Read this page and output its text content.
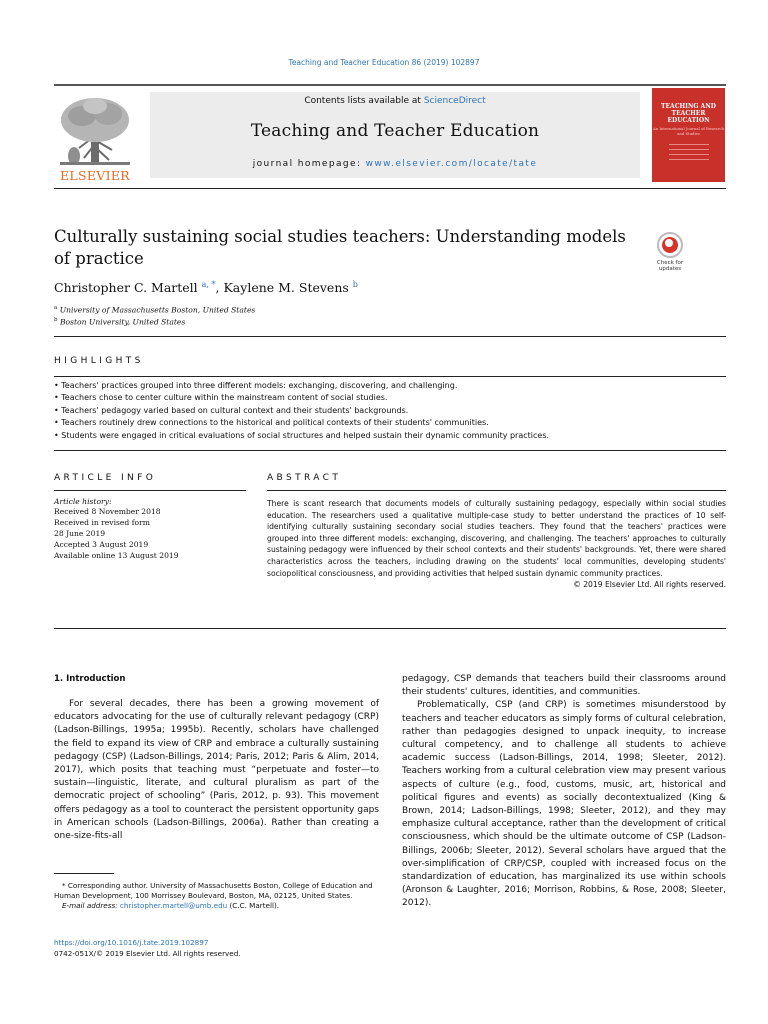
Teaching and Teacher Education 86 (2019) 102897
ELSEVIER
Contents lists available at ScienceDirect
Teaching and Teacher Education
journal homepage: www.elsevier.com/locate/tate
TEACHING AND TEACHER EDUCATION
An International Journal of Research and Studies
Culturally sustaining social studies teachers: Understanding models of practice	Check for updates
Christopher C. Martell $^{a, *}$, Kaylene M. Stevens $^b$
$^a$ University of Massachusetts Boston, United States
$^b$ Boston University, United States
HIGHLIGHTS
• Teachers' practices grouped into three different models: exchanging, discovering, and challenging.
• Teachers chose to center culture within the mainstream content of social studies.
• Teachers' pedagogy varied based on cultural context and their students' backgrounds.
• Teachers routinely drew connections to the historical and political contexts of their students' communities.
• Students were engaged in critical evaluations of social structures and helped sustain their dynamic community practices.
ARTICLE INFO
Article history:
Received 8 November 2018
Received in revised form
28 June 2019
Accepted 3 August 2019
Available online 13 August 2019
ABSTRACT
There is scant research that documents models of culturally sustaining pedagogy, especially within social studies education. The researchers used a qualitative multiple-case study to better understand the practices of 10 self-identifying culturally sustaining secondary social studies teachers. They found that the teachers' practices were grouped into three different models: exchanging, discovering, and challenging. The teachers' approaches to culturally sustaining pedagogy were influenced by their school contexts and their students' backgrounds. Yet, there were shared characteristics across the teachers, including drawing on the students' local communities, developing students' sociopolitical consciousness, and providing activities that helped sustain dynamic community practices.
© 2019 Elsevier Ltd. All rights reserved.
1. Introduction

For several decades, there has been a growing movement of educators advocating for the use of culturally relevant pedagogy (CRP) (Ladson-Billings, 1995a; 1995b). Recently, scholars have challenged the field to expand its view of CRP and embrace a culturally sustaining pedagogy (CSP) (Ladson-Billings, 2014; Paris, 2012; Paris & Alim, 2014, 2017), which posits that teaching must “perpetuate and foster—to sustain—linguistic, literate, and cultural pluralism as part of the democratic project of schooling” (Paris, 2012, p. 93). This movement offers pedagogy as a tool to counteract the persistent opportunity gaps in American schools (Ladson-Billings, 2006a). Rather than creating a one-size-fits-all

pedagogy, CSP demands that teachers build their classrooms around their students' cultures, identities, and communities.

Problematically, CSP (and CRP) is sometimes misunderstood by teachers and teacher educators as simply forms of cultural celebration, rather than pedagogies designed to unpack inequity, to increase cultural competency, and to challenge all students to achieve academic success (Ladson-Billings, 2014, 1998; Sleeter, 2012). Teachers working from a cultural celebration view may present various aspects of culture (e.g., food, customs, music, art, historical and political figures and events) as socially decontextualized (King & Brown, 2014; Ladson-Billings, 1998; Sleeter, 2012), and they may emphasize cultural acceptance, rather than the development of critical consciousness, which should be the ultimate outcome of CSP (Ladson-Billings, 2006b; Sleeter, 2012). Several scholars have argued that the over-simplification of CRP/CSP, coupled with increased focus on the standardization of education, has marginalized its use within schools (Aronson & Laughter, 2016; Morrison, Robbins, & Rose, 2008; Sleeter, 2012).

* Corresponding author. University of Massachusetts Boston, College of Education and Human Development, 100 Morrissey Boulevard, Boston, MA, 02125, United States.
E-mail address: christopher.martell@umb.edu (C.C. Martell).
https://doi.org/10.1016/j.tate.2019.102897
0742-051X/© 2019 Elsevier Ltd. All rights reserved.
